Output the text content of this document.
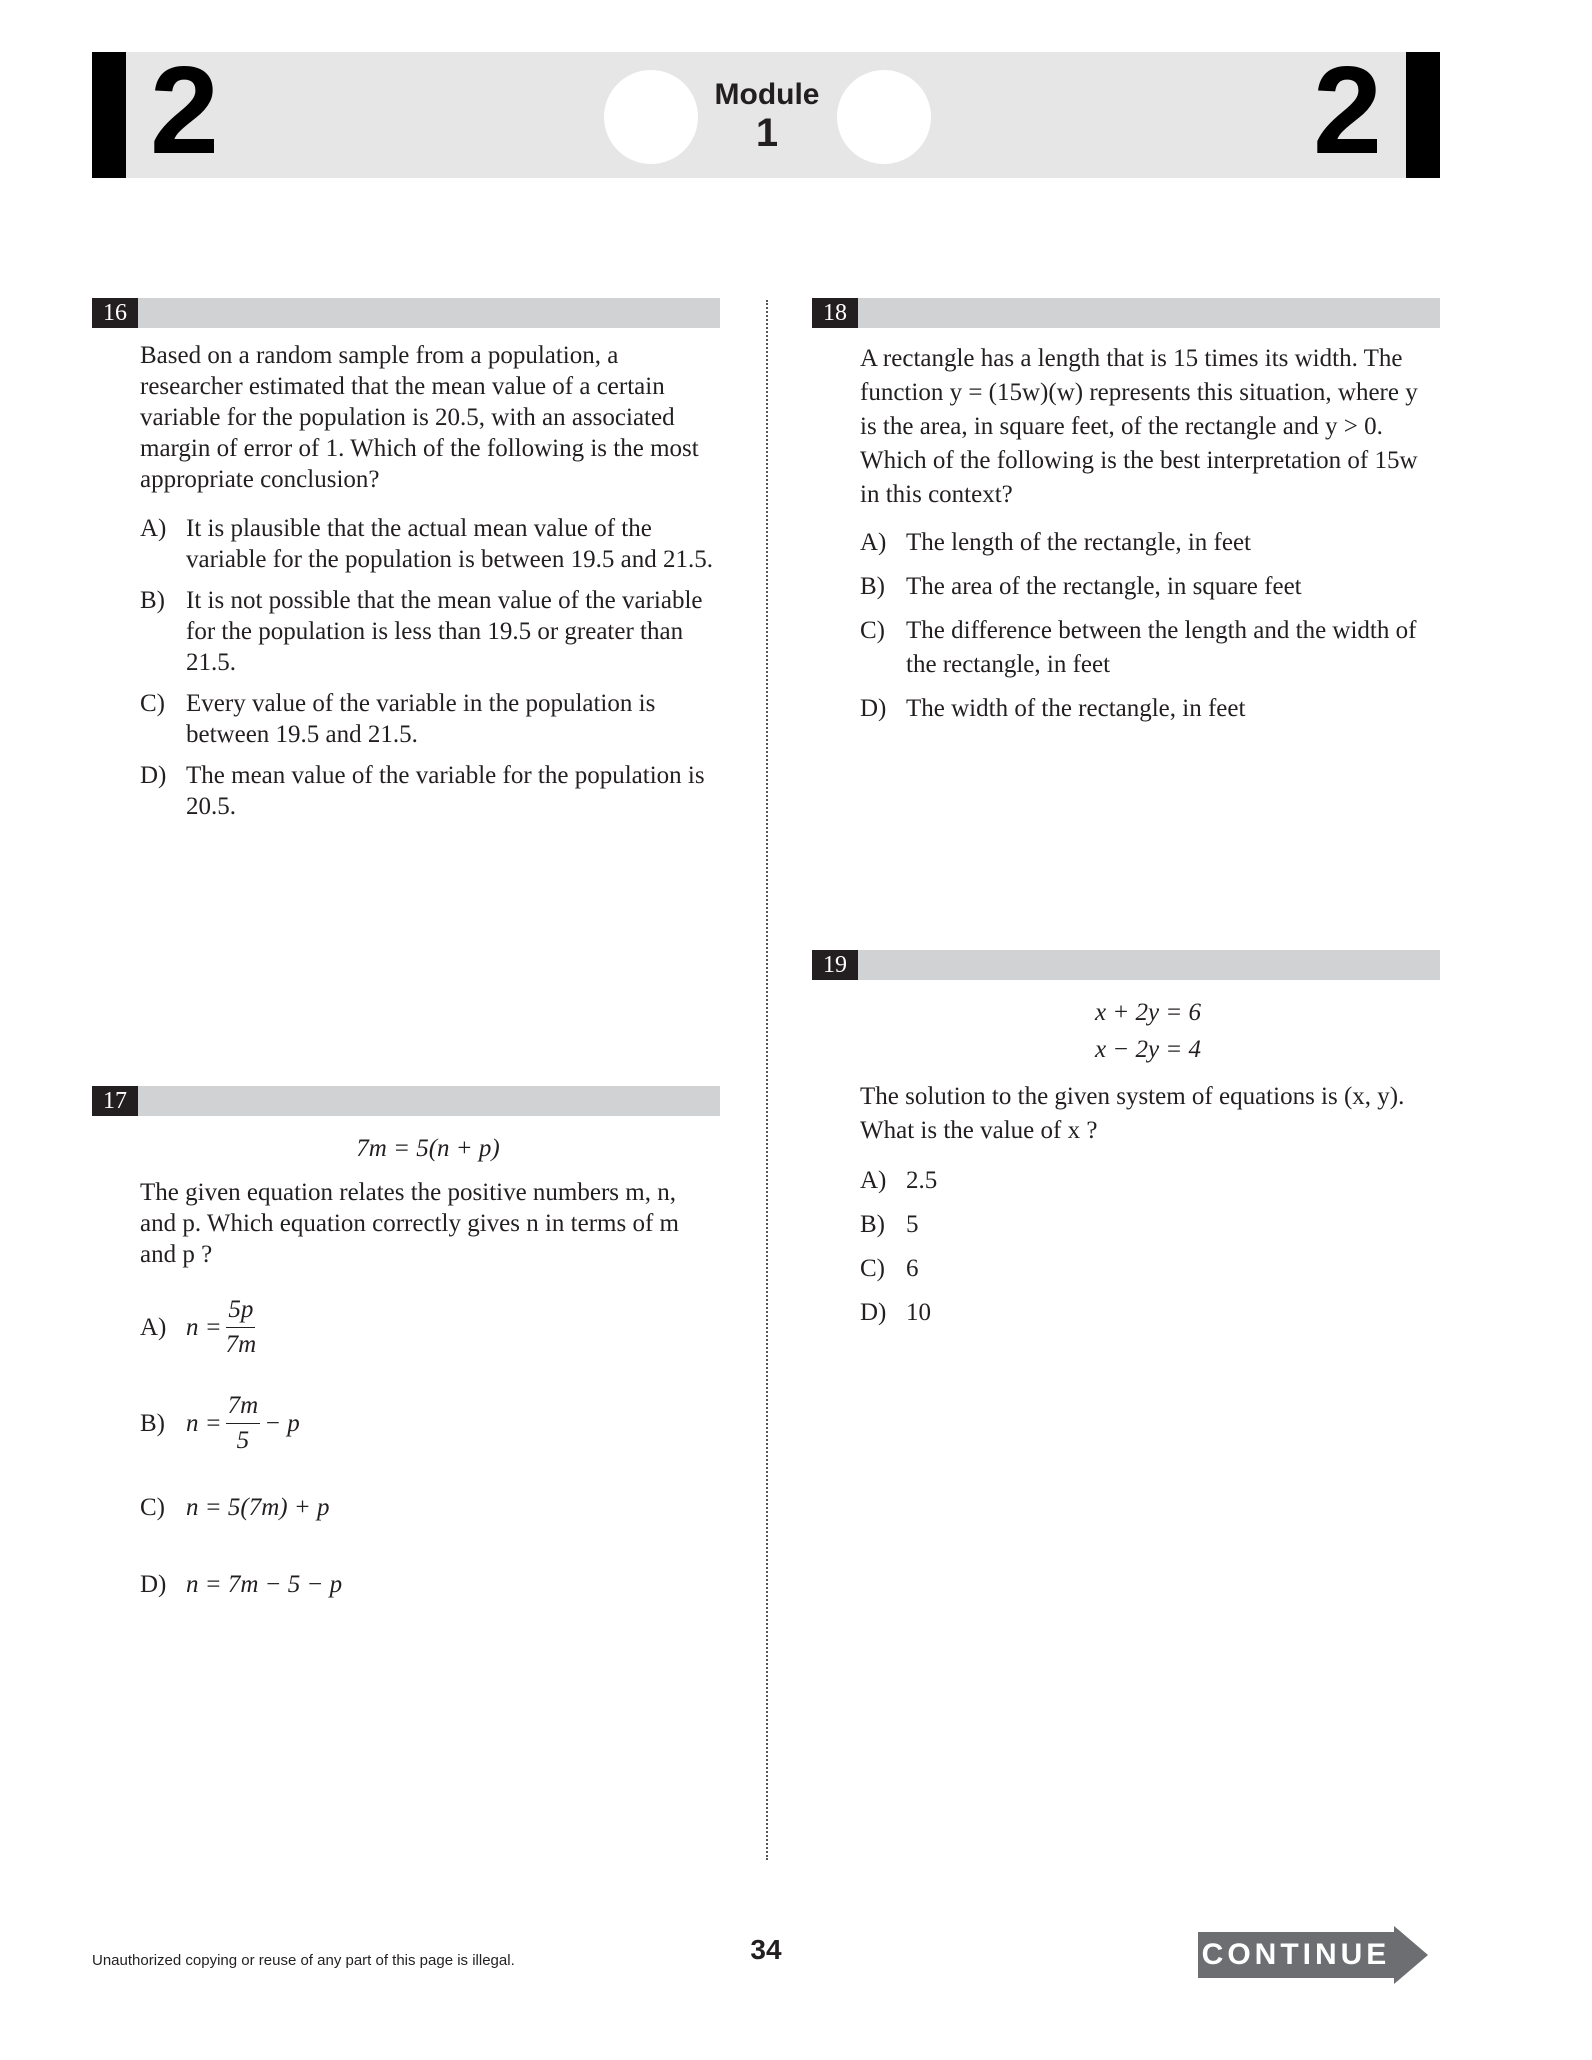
2	Module
1	2
16

Based on a random sample from a population, a researcher estimated that the mean value of a certain variable for the population is 20.5, with an associated margin of error of 1. Which of the following is the most appropriate conclusion?

A) It is plausible that the actual mean value of the variable for the population is between 19.5 and 21.5.
B) It is not possible that the mean value of the variable for the population is less than 19.5 or greater than 21.5.
C) Every value of the variable in the population is between 19.5 and 21.5.
D) The mean value of the variable for the population is 20.5.
17
7m = 5(n + p)

The given equation relates the positive numbers m, n, and p. Which equation correctly gives n in terms of m and p ?

A) $n = \frac{5p}{7m}$
B) $n = \frac{7m}{5} - p$
C) n = 5(7m) + p
D) n = 7m − 5 − p
18

A rectangle has a length that is 15 times its width. The function y = (15w)(w) represents this situation, where y is the area, in square feet, of the rectangle and y > 0. Which of the following is the best interpretation of 15w in this context?

A) The length of the rectangle, in feet
B) The area of the rectangle, in square feet
C) The difference between the length and the width of the rectangle, in feet
D) The width of the rectangle, in feet
19
x + 2y = 6
x − 2y = 4

The solution to the given system of equations is (x, y). What is the value of x ?

A) 2.5
B) 5
C) 6
D) 10
Unauthorized copying or reuse of any part of this page is illegal.	34	CONTINUE
